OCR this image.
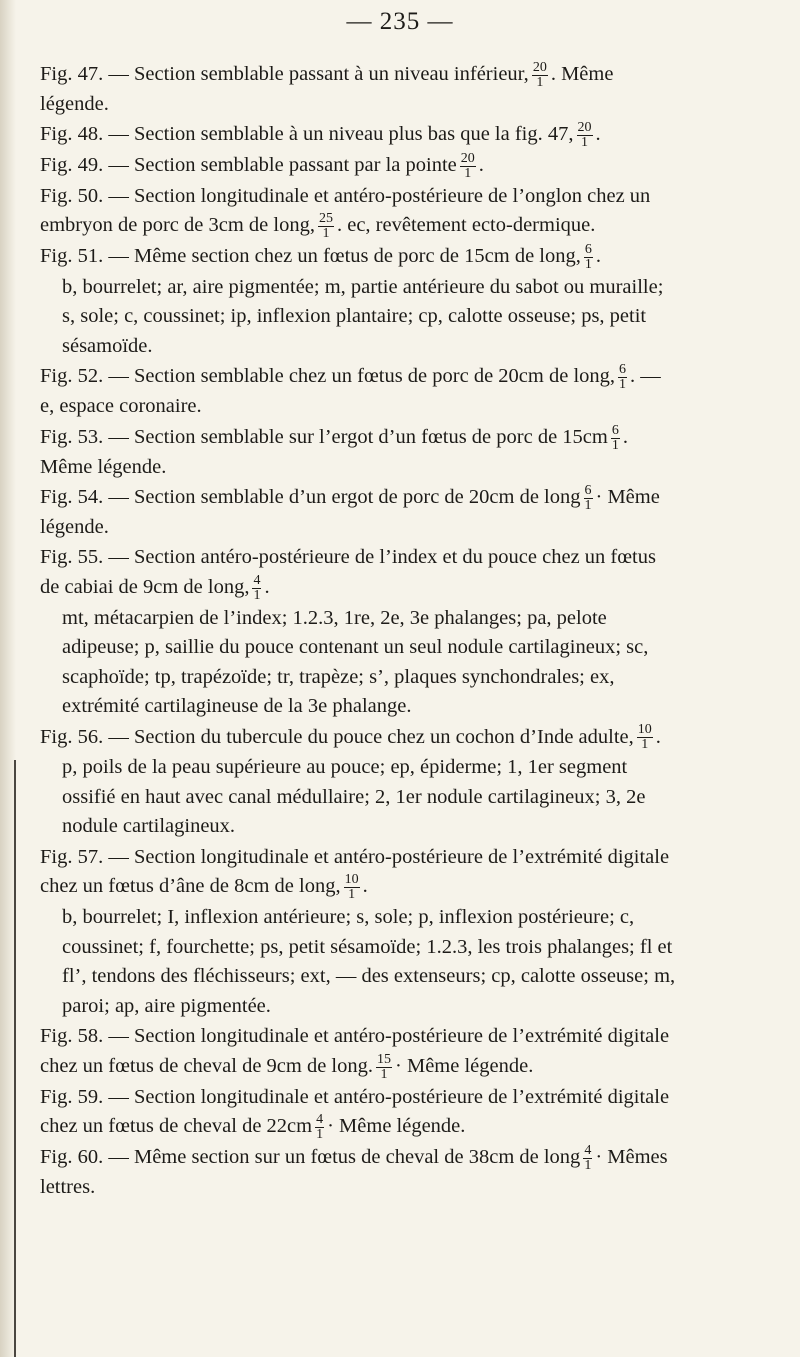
— 235 —
Fig. 47. — Section semblable passant à un niveau inférieur, $\frac{20}{1}$ . Même légende.
Fig. 48. — Section semblable à un niveau plus bas que la fig. 47, $\frac{20}{1}$ .
Fig. 49. — Section semblable passant par la pointe $\frac{20}{1}$ .
Fig. 50. — Section longitudinale et antéro-postérieure de l’onglon chez un embryon de porc de 3cm de long, $\frac{25}{1}$ . ec, revêtement ecto-dermique.
Fig. 51. — Même section chez un fœtus de porc de 15cm de long, $\frac{6}{1}$ .
b, bourrelet; ar, aire pigmentée; m, partie antérieure du sabot ou muraille; s, sole; c, coussinet; ip, inflexion plantaire; cp, calotte osseuse; ps, petit sésamoïde.
Fig. 52. — Section semblable chez un fœtus de porc de 20cm de long, $\frac{6}{1}$ . — e, espace coronaire.
Fig. 53. — Section semblable sur l’ergot d’un fœtus de porc de $15cm \frac{6}{1}$ . Même légende.
Fig. 54. — Section semblable d’un ergot de porc de 20cm de long $\frac{6}{1}$ · Même légende.
Fig. 55. — Section antéro-postérieure de l’index et du pouce chez un fœtus de cabiai de 9cm de long, $\frac{4}{1}$ .
mt, métacarpien de l’index; 1.2.3, 1re, 2e, 3e phalanges; pa, pelote adipeuse; p, saillie du pouce contenant un seul nodule cartilagineux; sc, scaphoïde; tp, trapézoïde; tr, trapèze; s’, plaques synchondrales; ex, extrémité cartilagineuse de la 3e phalange.
Fig. 56. — Section du tubercule du pouce chez un cochon d’Inde adulte, $\frac{10}{1}$ .
p, poils de la peau supérieure au pouce; ep, épiderme; 1, 1er segment ossifié en haut avec canal médullaire; 2, 1er nodule cartilagineux; 3, 2e nodule cartilagineux.
Fig. 57. — Section longitudinale et antéro-postérieure de l’extrémité digitale chez un fœtus d’âne de 8cm de long, $\frac{10}{1}$ .
b, bourrelet; I, inflexion antérieure; s, sole; p, inflexion postérieure; c, coussinet; f, fourchette; ps, petit sésamoïde; 1.2.3, les trois phalanges; fl et fl’, tendons des fléchisseurs; ext, — des extenseurs; cp, calotte osseuse; m, paroi; ap, aire pigmentée.
Fig. 58. — Section longitudinale et antéro-postérieure de l’extrémité digitale chez un fœtus de cheval de 9cm de long. $\frac{15}{1}$ · Même légende.
Fig. 59. — Section longitudinale et antéro-postérieure de l’extrémité digitale chez un fœtus de cheval de $22cm \frac{4}{1}$ · Même légende.
Fig. 60. — Même section sur un fœtus de cheval de 38cm de long $\frac{4}{1}$ · Mêmes lettres.
